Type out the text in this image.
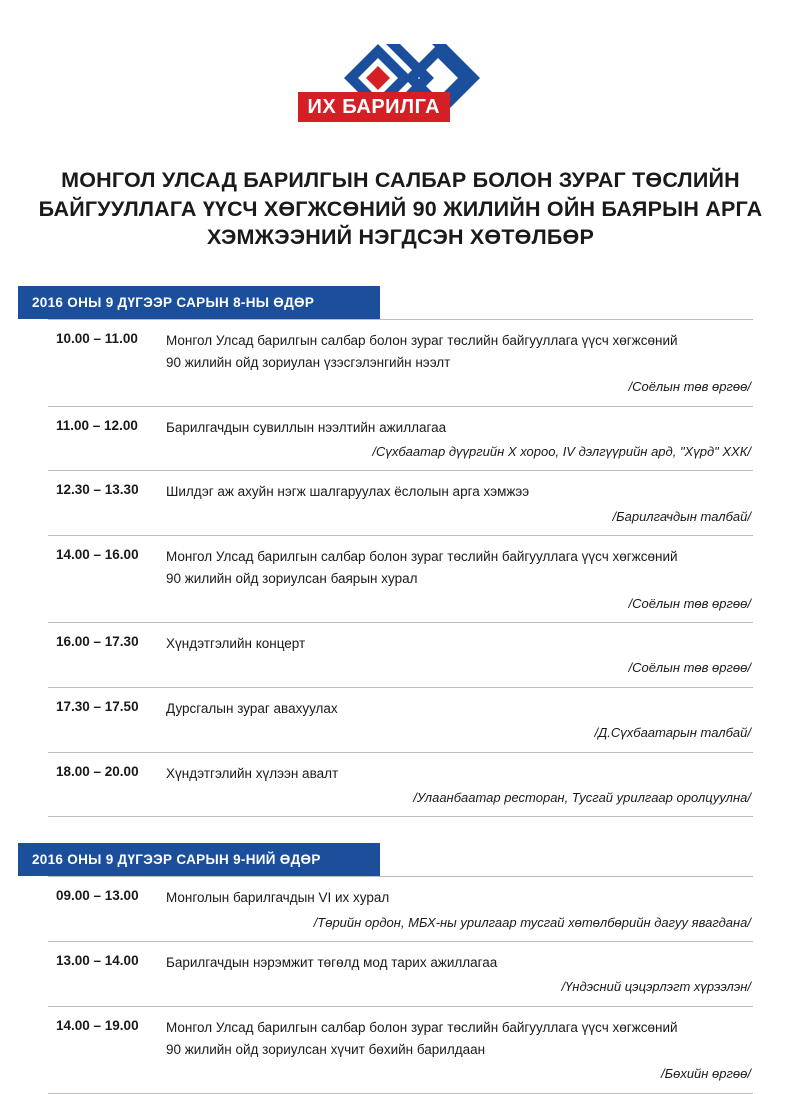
ИХ БАРИЛГА
МОНГОЛ УЛСАД БАРИЛГЫН САЛБАР БОЛОН ЗУРАГ ТӨСЛИЙН БАЙГУУЛЛАГА ҮҮСЧ ХӨГЖСӨНИЙ 90 ЖИЛИЙН ОЙН БАЯРЫН АРГА ХЭМЖЭЭНИЙ НЭГДСЭН ХӨТӨЛБӨР
2016 ОНЫ 9 ДҮГЭЭР САРЫН 8-НЫ ӨДӨР
10.00 – 11.00	Монгол Улсад барилгын салбар болон зураг төслийн байгууллага үүсч хөгжсөний
90 жилийн ойд зориулан үзэсгэлэнгийн нээлт
/Соёлын төв өргөө/
11.00 – 12.00	Барилгачдын сувиллын нээлтийн ажиллагаа
/Сүхбаатар дүүргийн X хороо, IV дэлгүүрийн ард, "Хүрд" ХХК/
12.30 – 13.30	Шилдэг аж ахуйн нэгж шалгаруулах ёслолын арга хэмжээ
/Барилгачдын талбай/
14.00 – 16.00	Монгол Улсад барилгын салбар болон зураг төслийн байгууллага үүсч хөгжсөний
90 жилийн ойд зориулсан баярын хурал
/Соёлын төв өргөө/
16.00 – 17.30	Хүндэтгэлийн концерт
/Соёлын төв өргөө/
17.30 – 17.50	Дурсгалын зураг авахуулах
/Д.Сүхбаатарын талбай/
18.00 – 20.00	Хүндэтгэлийн хүлээн авалт
/Улаанбаатар ресторан, Тусгай урилгаар оролцуулна/
2016 ОНЫ 9 ДҮГЭЭР САРЫН 9-НИЙ ӨДӨР
09.00 – 13.00	Монголын барилгачдын VI их хурал
/Төрийн ордон, МБХ-ны урилгаар тусгай хөтөлбөрийн дагуу явагдана/
13.00 – 14.00	Барилгачдын нэрэмжит төгөлд мод тарих ажиллагаа
/Үндэсний цэцэрлэгт хүрээлэн/
14.00 – 19.00	Монгол Улсад барилгын салбар болон зураг төслийн байгууллага үүсч хөгжсөний
90 жилийн ойд зориулсан хүчит бөхийн барилдаан
/Бөхийн өргөө/
